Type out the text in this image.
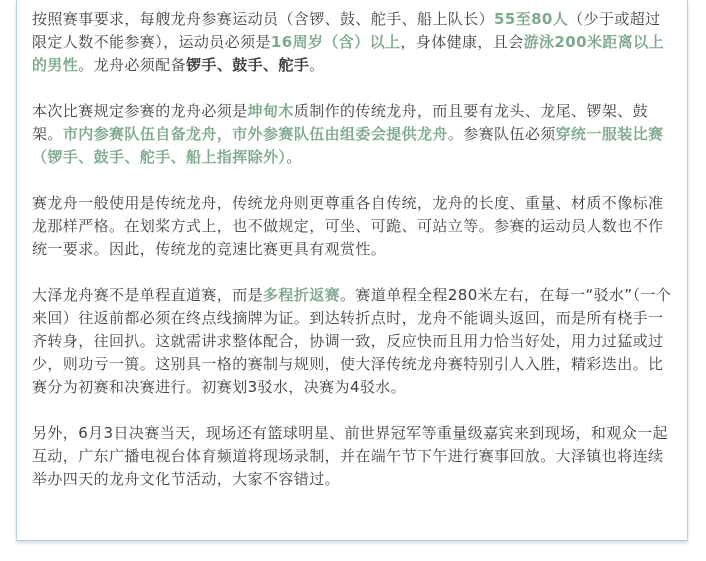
按照赛事要求，每艘龙舟参赛运动员（含锣、鼓、舵手、船上队长）55至80人（少于或超过限定人数不能参赛），运动员必须是16周岁（含）以上，身体健康，且会游泳200米距离以上的男性。龙舟必须配备锣手、鼓手、舵手。

本次比赛规定参赛的龙舟必须是坤甸木质制作的传统龙舟，而且要有龙头、龙尾、锣架、鼓架。市内参赛队伍自备龙舟，市外参赛队伍由组委会提供龙舟。参赛队伍必须穿统一服装比赛（锣手、鼓手、舵手、船上指挥除外）。

赛龙舟一般使用是传统龙舟，传统龙舟则更尊重各自传统，龙舟的长度、重量、材质不像标准龙那样严格。在划桨方式上，也不做规定，可坐、可跪、可站立等。参赛的运动员人数也不作统一要求。因此，传统龙的竞速比赛更具有观赏性。

大泽龙舟赛不是单程直道赛，而是多程折返赛。赛道单程全程280米左右，在每一“驳水”（一个来回）往返前都必须在终点线摘牌为证。到达转折点时，龙舟不能调头返回，而是所有桡手一齐转身，往回扒。这就需讲求整体配合，协调一致，反应快而且用力恰当好处，用力过猛或过少，则功亏一篑。这别具一格的赛制与规则，使大泽传统龙舟赛特别引人入胜，精彩迭出。比赛分为初赛和决赛进行。初赛划3驳水，决赛为4驳水。

另外，6月3日决赛当天，现场还有篮球明星、前世界冠军等重量级嘉宾来到现场，和观众一起互动，广东广播电视台体育频道将现场录制，并在端午节下午进行赛事回放。大泽镇也将连续举办四天的龙舟文化节活动，大家不容错过。
